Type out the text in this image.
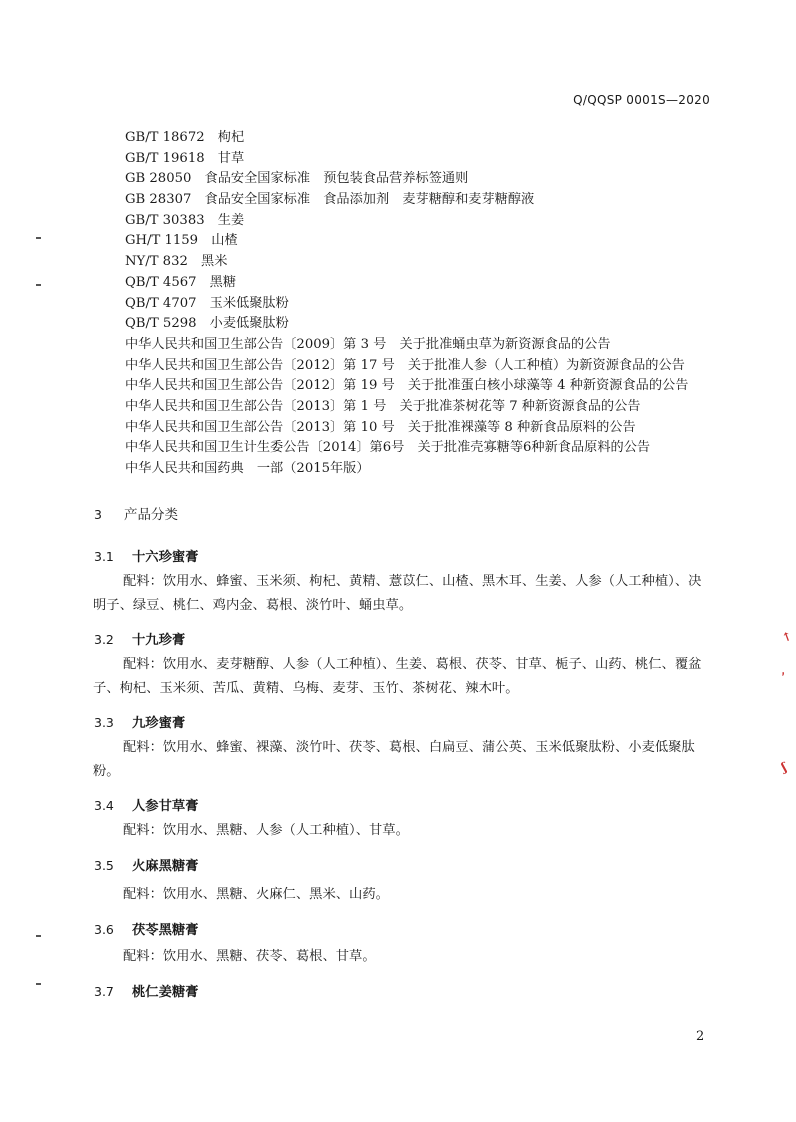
Q/QQSP 0001S—2020
GB/T 18672　枸杞
GB/T 19618　甘草
GB 28050　食品安全国家标准　预包装食品营养标签通则
GB 28307　食品安全国家标准　食品添加剂　麦芽糖醇和麦芽糖醇液
GB/T 30383　生姜
GH/T 1159　山楂
NY/T 832　黑米
QB/T 4567　黑糖
QB/T 4707　玉米低聚肽粉
QB/T 5298　小麦低聚肽粉
中华人民共和国卫生部公告〔2009〕第 3 号　关于批准蛹虫草为新资源食品的公告
中华人民共和国卫生部公告〔2012〕第 17 号　关于批准人参（人工种植）为新资源食品的公告
中华人民共和国卫生部公告〔2012〕第 19 号　关于批准蛋白核小球藻等 4 种新资源食品的公告
中华人民共和国卫生部公告〔2013〕第 1 号　关于批准茶树花等 7 种新资源食品的公告
中华人民共和国卫生部公告〔2013〕第 10 号　关于批准裸藻等 8 种新食品原料的公告
中华人民共和国卫生计生委公告〔2014〕第6号　关于批准壳寡糖等6种新食品原料的公告
中华人民共和国药典　一部（2015年版）
3 产品分类
3.1 十六珍蜜膏

配料：饮用水、蜂蜜、玉米须、枸杞、黄精、薏苡仁、山楂、黑木耳、生姜、人参（人工种植）、决明子、绿豆、桃仁、鸡内金、葛根、淡竹叶、蛹虫草。

3.2 十九珍膏

配料：饮用水、麦芽糖醇、人参（人工种植）、生姜、葛根、茯苓、甘草、栀子、山药、桃仁、覆盆子、枸杞、玉米须、苦瓜、黄精、乌梅、麦芽、玉竹、茶树花、辣木叶。

3.3 九珍蜜膏

配料：饮用水、蜂蜜、裸藻、淡竹叶、茯苓、葛根、白扁豆、蒲公英、玉米低聚肽粉、小麦低聚肽粉。

3.4 人参甘草膏

配料：饮用水、黑糖、人参（人工种植）、甘草。

3.5 火麻黑糖膏

配料：饮用水、黑糖、火麻仁、黑米、山药。

3.6 茯苓黑糖膏

配料：饮用水、黑糖、茯苓、葛根、甘草。

3.7 桃仁姜糖膏
2
↑
ʼ
ʃ
